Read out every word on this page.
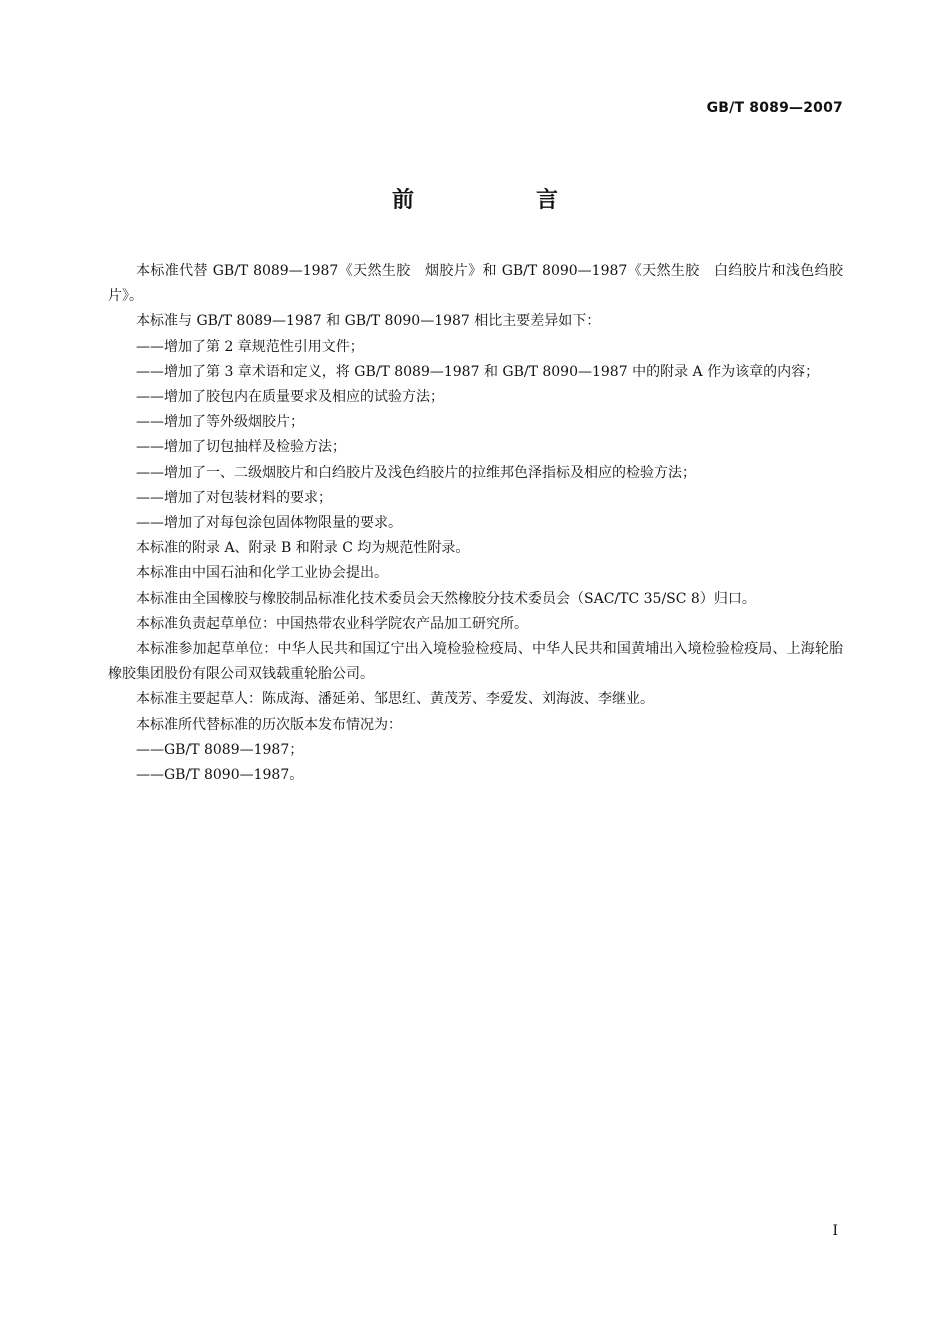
GB/T 8089—2007
前　言

本标准代替 GB/T 8089—1987《天然生胶　烟胶片》和 GB/T 8090—1987《天然生胶　白绉胶片和浅色绉胶片》。

本标准与 GB/T 8089—1987 和 GB/T 8090—1987 相比主要差异如下：

——增加了第 2 章规范性引用文件；

——增加了第 3 章术语和定义，将 GB/T 8089—1987 和 GB/T 8090—1987 中的附录 A 作为该章的内容；

——增加了胶包内在质量要求及相应的试验方法；

——增加了等外级烟胶片；

——增加了切包抽样及检验方法；

——增加了一、二级烟胶片和白绉胶片及浅色绉胶片的拉维邦色泽指标及相应的检验方法；

——增加了对包装材料的要求；

——增加了对每包涂包固体物限量的要求。

本标准的附录 A、附录 B 和附录 C 均为规范性附录。

本标准由中国石油和化学工业协会提出。

本标准由全国橡胶与橡胶制品标准化技术委员会天然橡胶分技术委员会（SAC/TC 35/SC 8）归口。

本标准负责起草单位：中国热带农业科学院农产品加工研究所。

本标准参加起草单位：中华人民共和国辽宁出入境检验检疫局、中华人民共和国黄埔出入境检验检疫局、上海轮胎橡胶集团股份有限公司双钱载重轮胎公司。

本标准主要起草人：陈成海、潘延弟、邹思红、黄茂芳、李爱发、刘海波、李继业。

本标准所代替标准的历次版本发布情况为：

——GB/T 8089—1987；

——GB/T 8090—1987。

I
